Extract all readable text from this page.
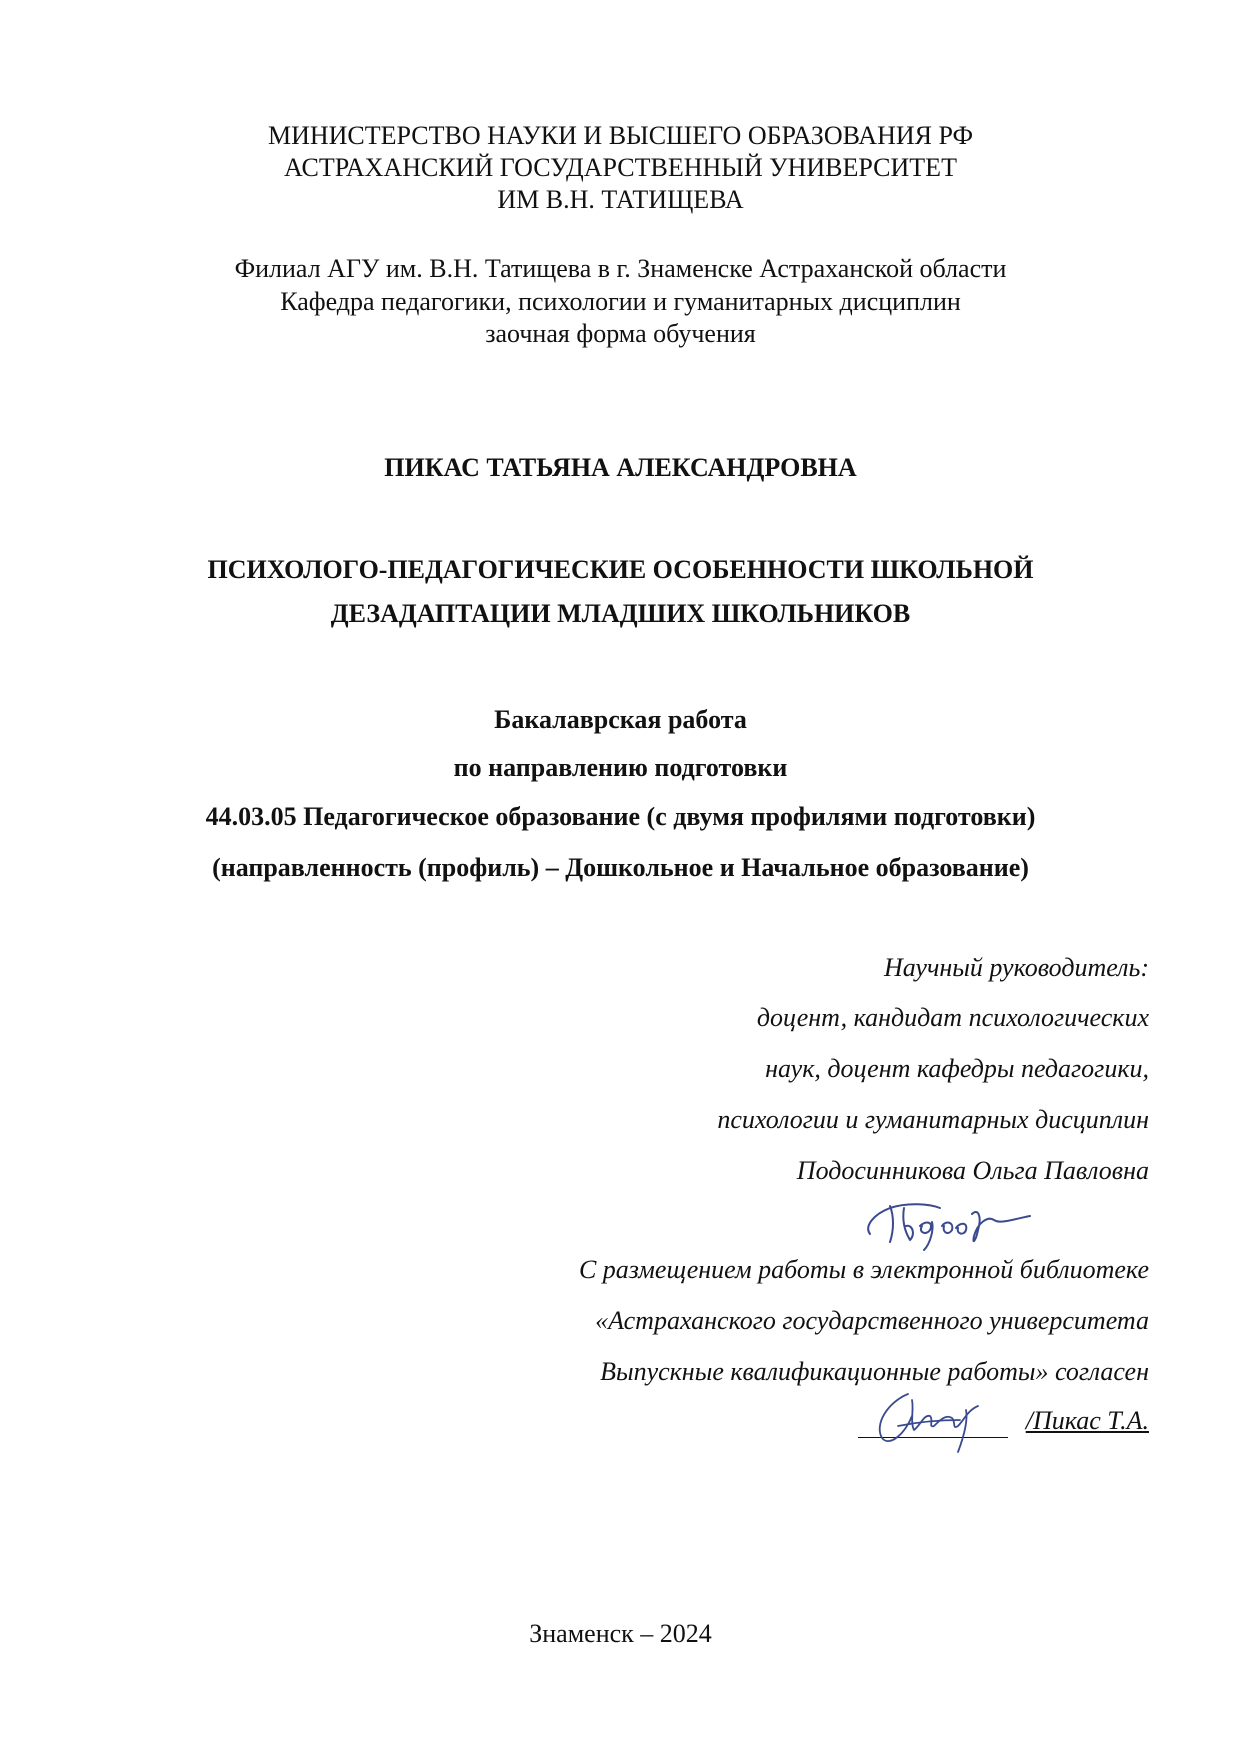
МИНИСТЕРСТВО НАУКИ И ВЫСШЕГО ОБРАЗОВАНИЯ РФ
АСТРАХАНСКИЙ ГОСУДАРСТВЕННЫЙ УНИВЕРСИТЕТ
ИМ В.Н. ТАТИЩЕВА
Филиал АГУ им. В.Н. Татищева в г. Знаменске Астраханской области
Кафедра педагогики, психологии и гуманитарных дисциплин
заочная форма обучения
ПИКАС ТАТЬЯНА АЛЕКСАНДРОВНА
ПСИХОЛОГО-ПЕДАГОГИЧЕСКИЕ ОСОБЕННОСТИ ШКОЛЬНОЙ
ДЕЗАДАПТАЦИИ МЛАДШИХ ШКОЛЬНИКОВ
Бакалаврская работа
по направлению подготовки
44.03.05 Педагогическое образование (с двумя профилями подготовки)
(направленность (профиль) – Дошкольное и Начальное образование)
Научный руководитель:
доцент, кандидат психологических
наук, доцент кафедры педагогики,
психологии и гуманитарных дисциплин
Подосинникова Ольга Павловна
С размещением работы в электронной библиотеке
«Астраханского государственного университета
Выпускные квалификационные работы» согласен
/Пикас Т.А.
Знаменск – 2024
